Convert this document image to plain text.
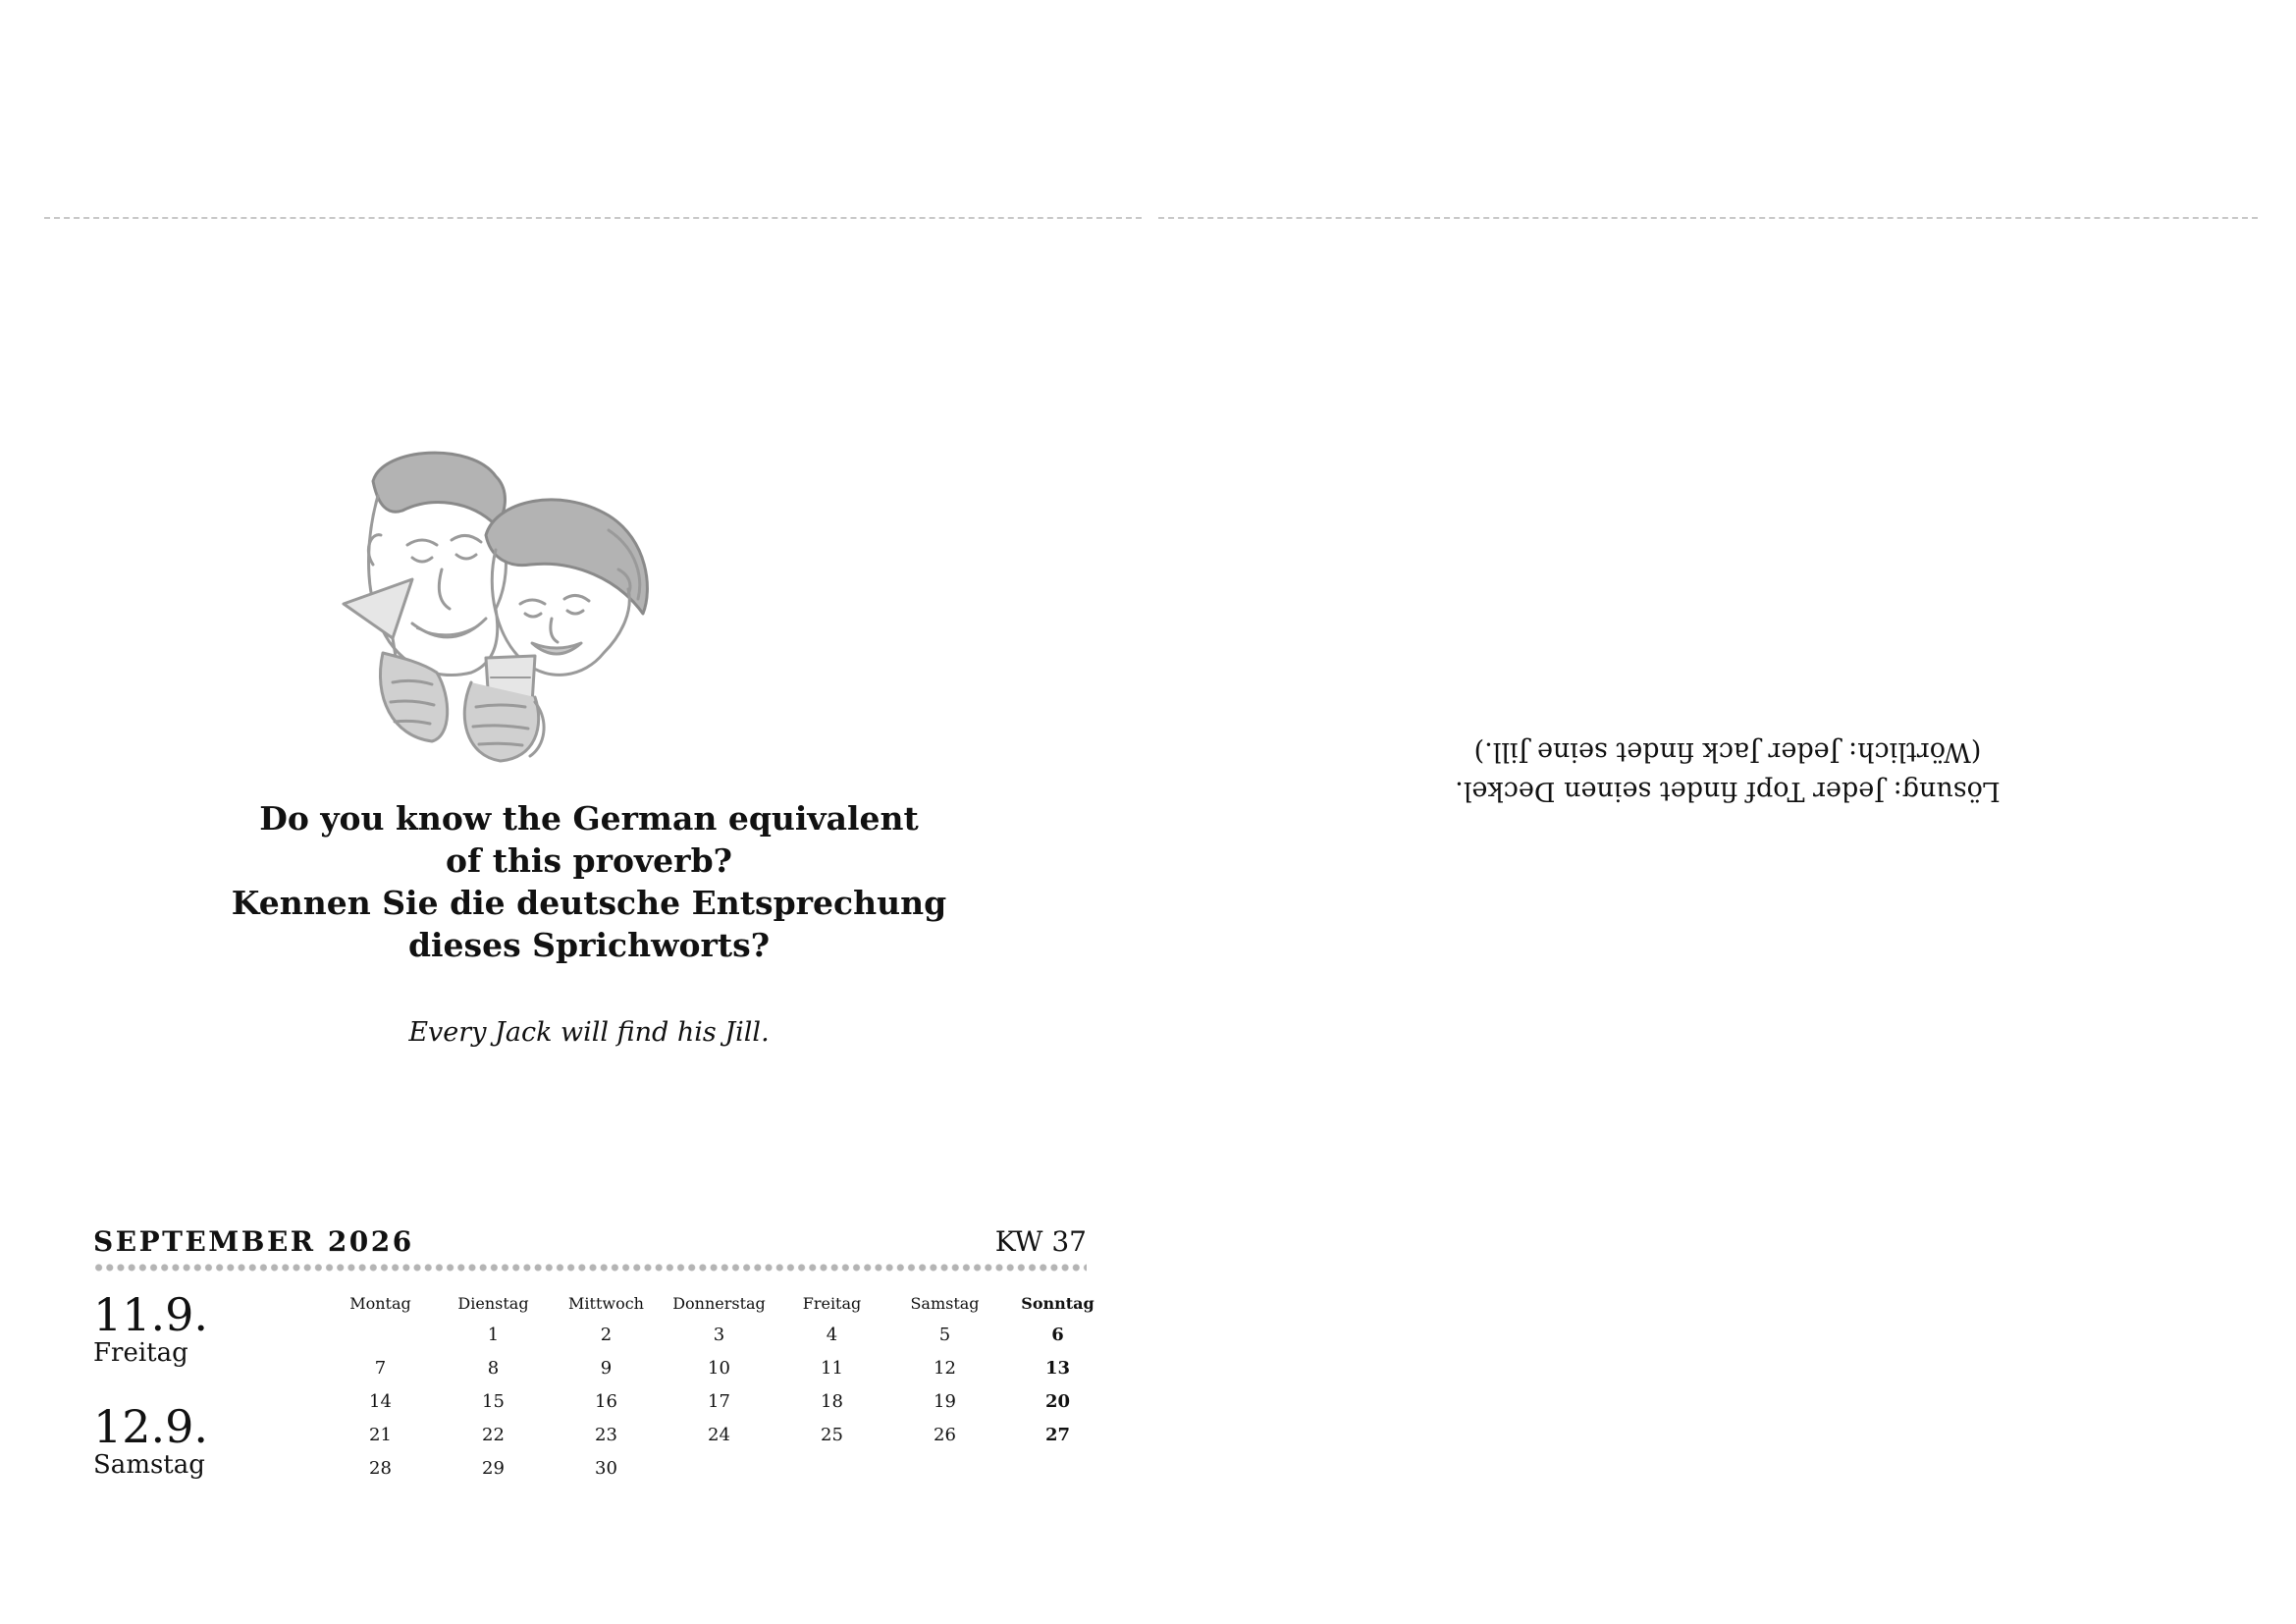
Do you know the German equivalent
of this proverb?
Kennen Sie die deutsche Entsprechung
dieses Sprichworts?
Every Jack will find his Jill.
Lösung: Jeder Topf findet seinen Deckel.
(Wörtlich: Jeder Jack findet seine Jill.)
SEPTEMBER 2026	KW 37
11.9.
Freitag
12.9.
Samstag
Montag	Dienstag	Mittwoch	Donnerstag	Freitag	Samstag	Sonntag
	1	2	3	4	5	6
7	8	9	10	11	12	13
14	15	16	17	18	19	20
21	22	23	24	25	26	27
28	29	30				
